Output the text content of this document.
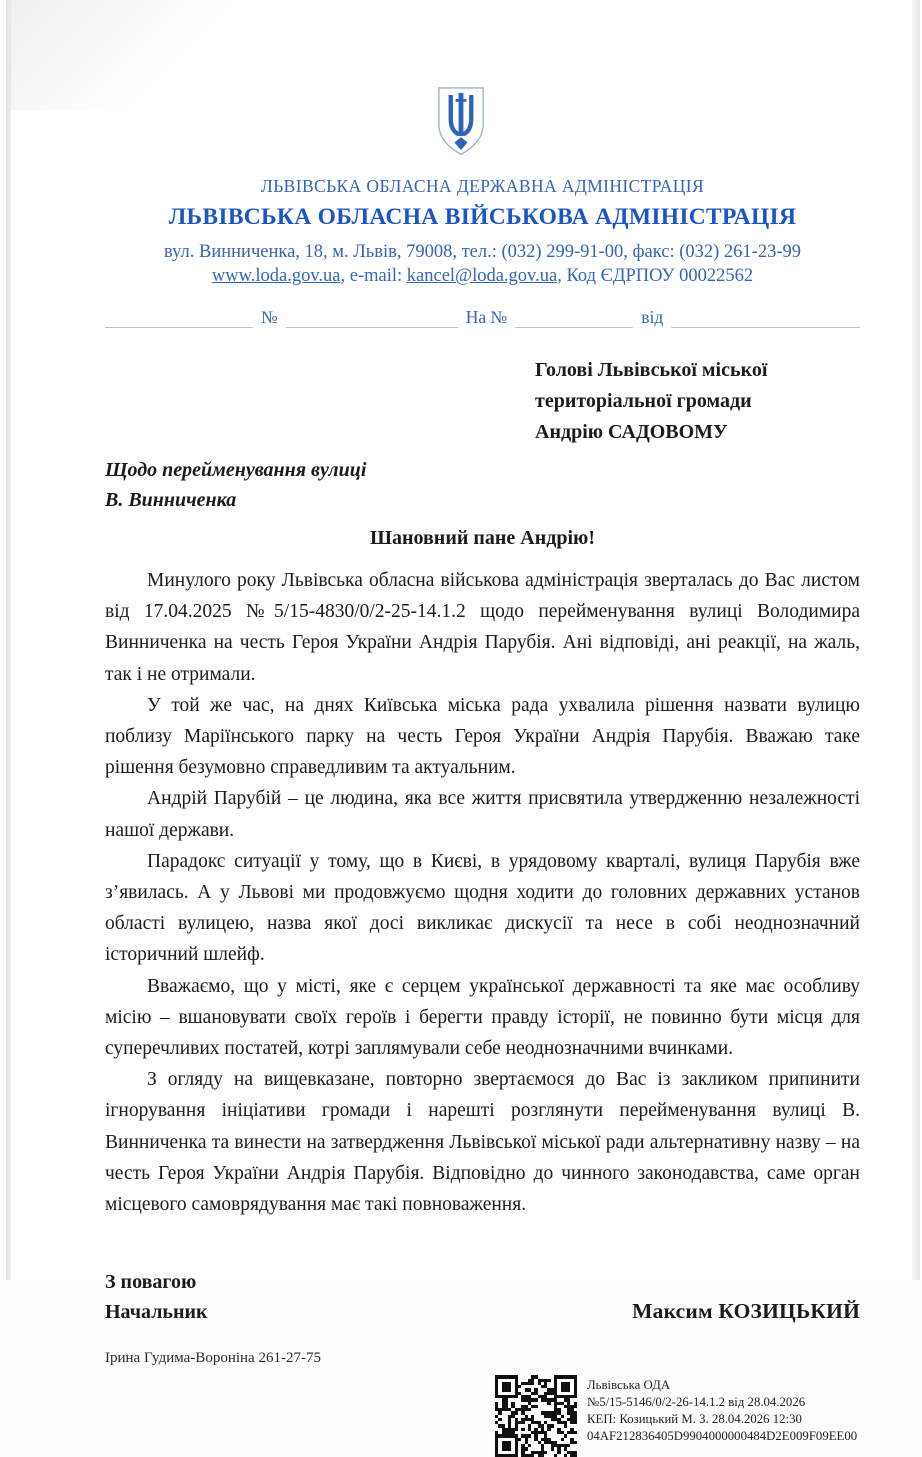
ЛЬВІВСЬКА ОБЛАСНА ДЕРЖАВНА АДМІНІСТРАЦІЯ
ЛЬВІВСЬКА ОБЛАСНА ВІЙСЬКОВА АДМІНІСТРАЦІЯ
вул. Винниченка, 18, м. Львів, 79008, тел.: (032) 299-91-00, факс: (032) 261-23-99
www.loda.gov.ua, e-mail: kancel@loda.gov.ua, Код ЄДРПОУ 00022562
№	На №	від
Голові Львівської міської
територіальної громади
Андрію САДОВОМУ
Щодо перейменування вулиці
В. Винниченка
Шановний пане Андрію!

Минулого року Львівська обласна військова адміністрація зверталась до Вас листом від 17.04.2025 №5/15-4830/0/2-25-14.1.2 щодо перейменування вулиці Володимира Винниченка на честь Героя України Андрія Парубія. Ані відповіді, ані реакції, на жаль, так і не отримали.

У той же час, на днях Київська міська рада ухвалила рішення назвати вулицю поблизу Маріїнського парку на честь Героя України Андрія Парубія. Вважаю таке рішення безумовно справедливим та актуальним.

Андрій Парубій – це людина, яка все життя присвятила утвердженню незалежності нашої держави.

Парадокс ситуації у тому, що в Києві, в урядовому кварталі, вулиця Парубія вже з’явилась. А у Львові ми продовжуємо щодня ходити до головних державних установ області вулицею, назва якої досі викликає дискусії та несе в собі неоднозначний історичний шлейф.

Вважаємо, що у місті, яке є серцем української державності та яке має особливу місію – вшановувати своїх героїв і берегти правду історії, не повинно бути місця для суперечливих постатей, котрі заплямували себе неоднозначними вчинками.

З огляду на вищевказане, повторно звертаємося до Вас із закликом припинити ігнорування ініціативи громади і нарешті розглянути перейменування вулиці В. Винниченка та винести на затвердження Львівської міської ради альтернативну назву – на честь Героя України Андрія Парубія. Відповідно до чинного законодавства, саме орган місцевого самоврядування має такі повноваження.

З повагою
Начальник	Максим КОЗИЦЬКИЙ
Ірина Гудима-Вороніна 261-27-75
Львівська ОДА
№5/15-5146/0/2-26-14.1.2 від 28.04.2026
КЕП: Козицький М. З. 28.04.2026 12:30
04AF212836405D9904000000484D2E009F09EE00
